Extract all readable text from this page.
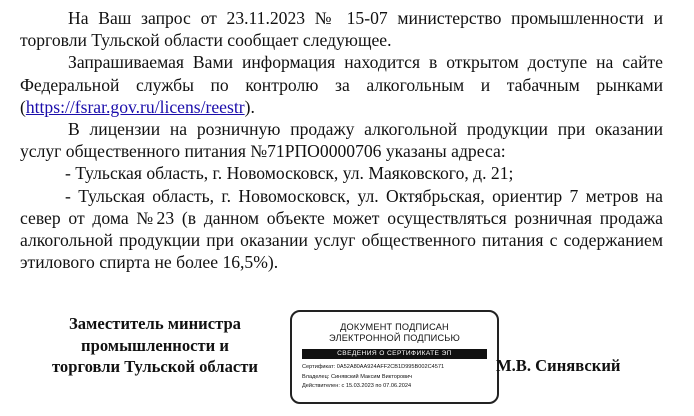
На Ваш запрос от 23.11.2023 № 15-07 министерство промышленности и торговли Тульской области сообщает следующее.

Запрашиваемая Вами информация находится в открытом доступе на сайте Федеральной службы по контролю за алкогольным и табачным рынками (https://fsrar.gov.ru/licens/reestr).

В лицензии на розничную продажу алкогольной продукции при оказании услуг общественного питания №71РПО0000706 указаны адреса:

- Тульская область, г. Новомосковск, ул. Маяковского, д. 21;

- Тульская область, г. Новомосковск, ул. Октябрьская, ориентир 7 метров на север от дома №23 (в данном объекте может осуществляться розничная продажа алкогольной продукции при оказании услуг общественного питания с содержанием этилового спирта не более 16,5%).

Заместитель министра
промышленности и
торговли Тульской области
ДОКУМЕНТ ПОДПИСАН
ЭЛЕКТРОННОЙ ПОДПИСЬЮ
СВЕДЕНИЯ О СЕРТИФИКАТЕ ЭП
Сертификат: 0A52A80AA924AFF2CB1D995B002C4571
Владелец: Синявский Максим Викторович
Действителен: с 15.03.2023 по 07.06.2024
М.В. Синявский
